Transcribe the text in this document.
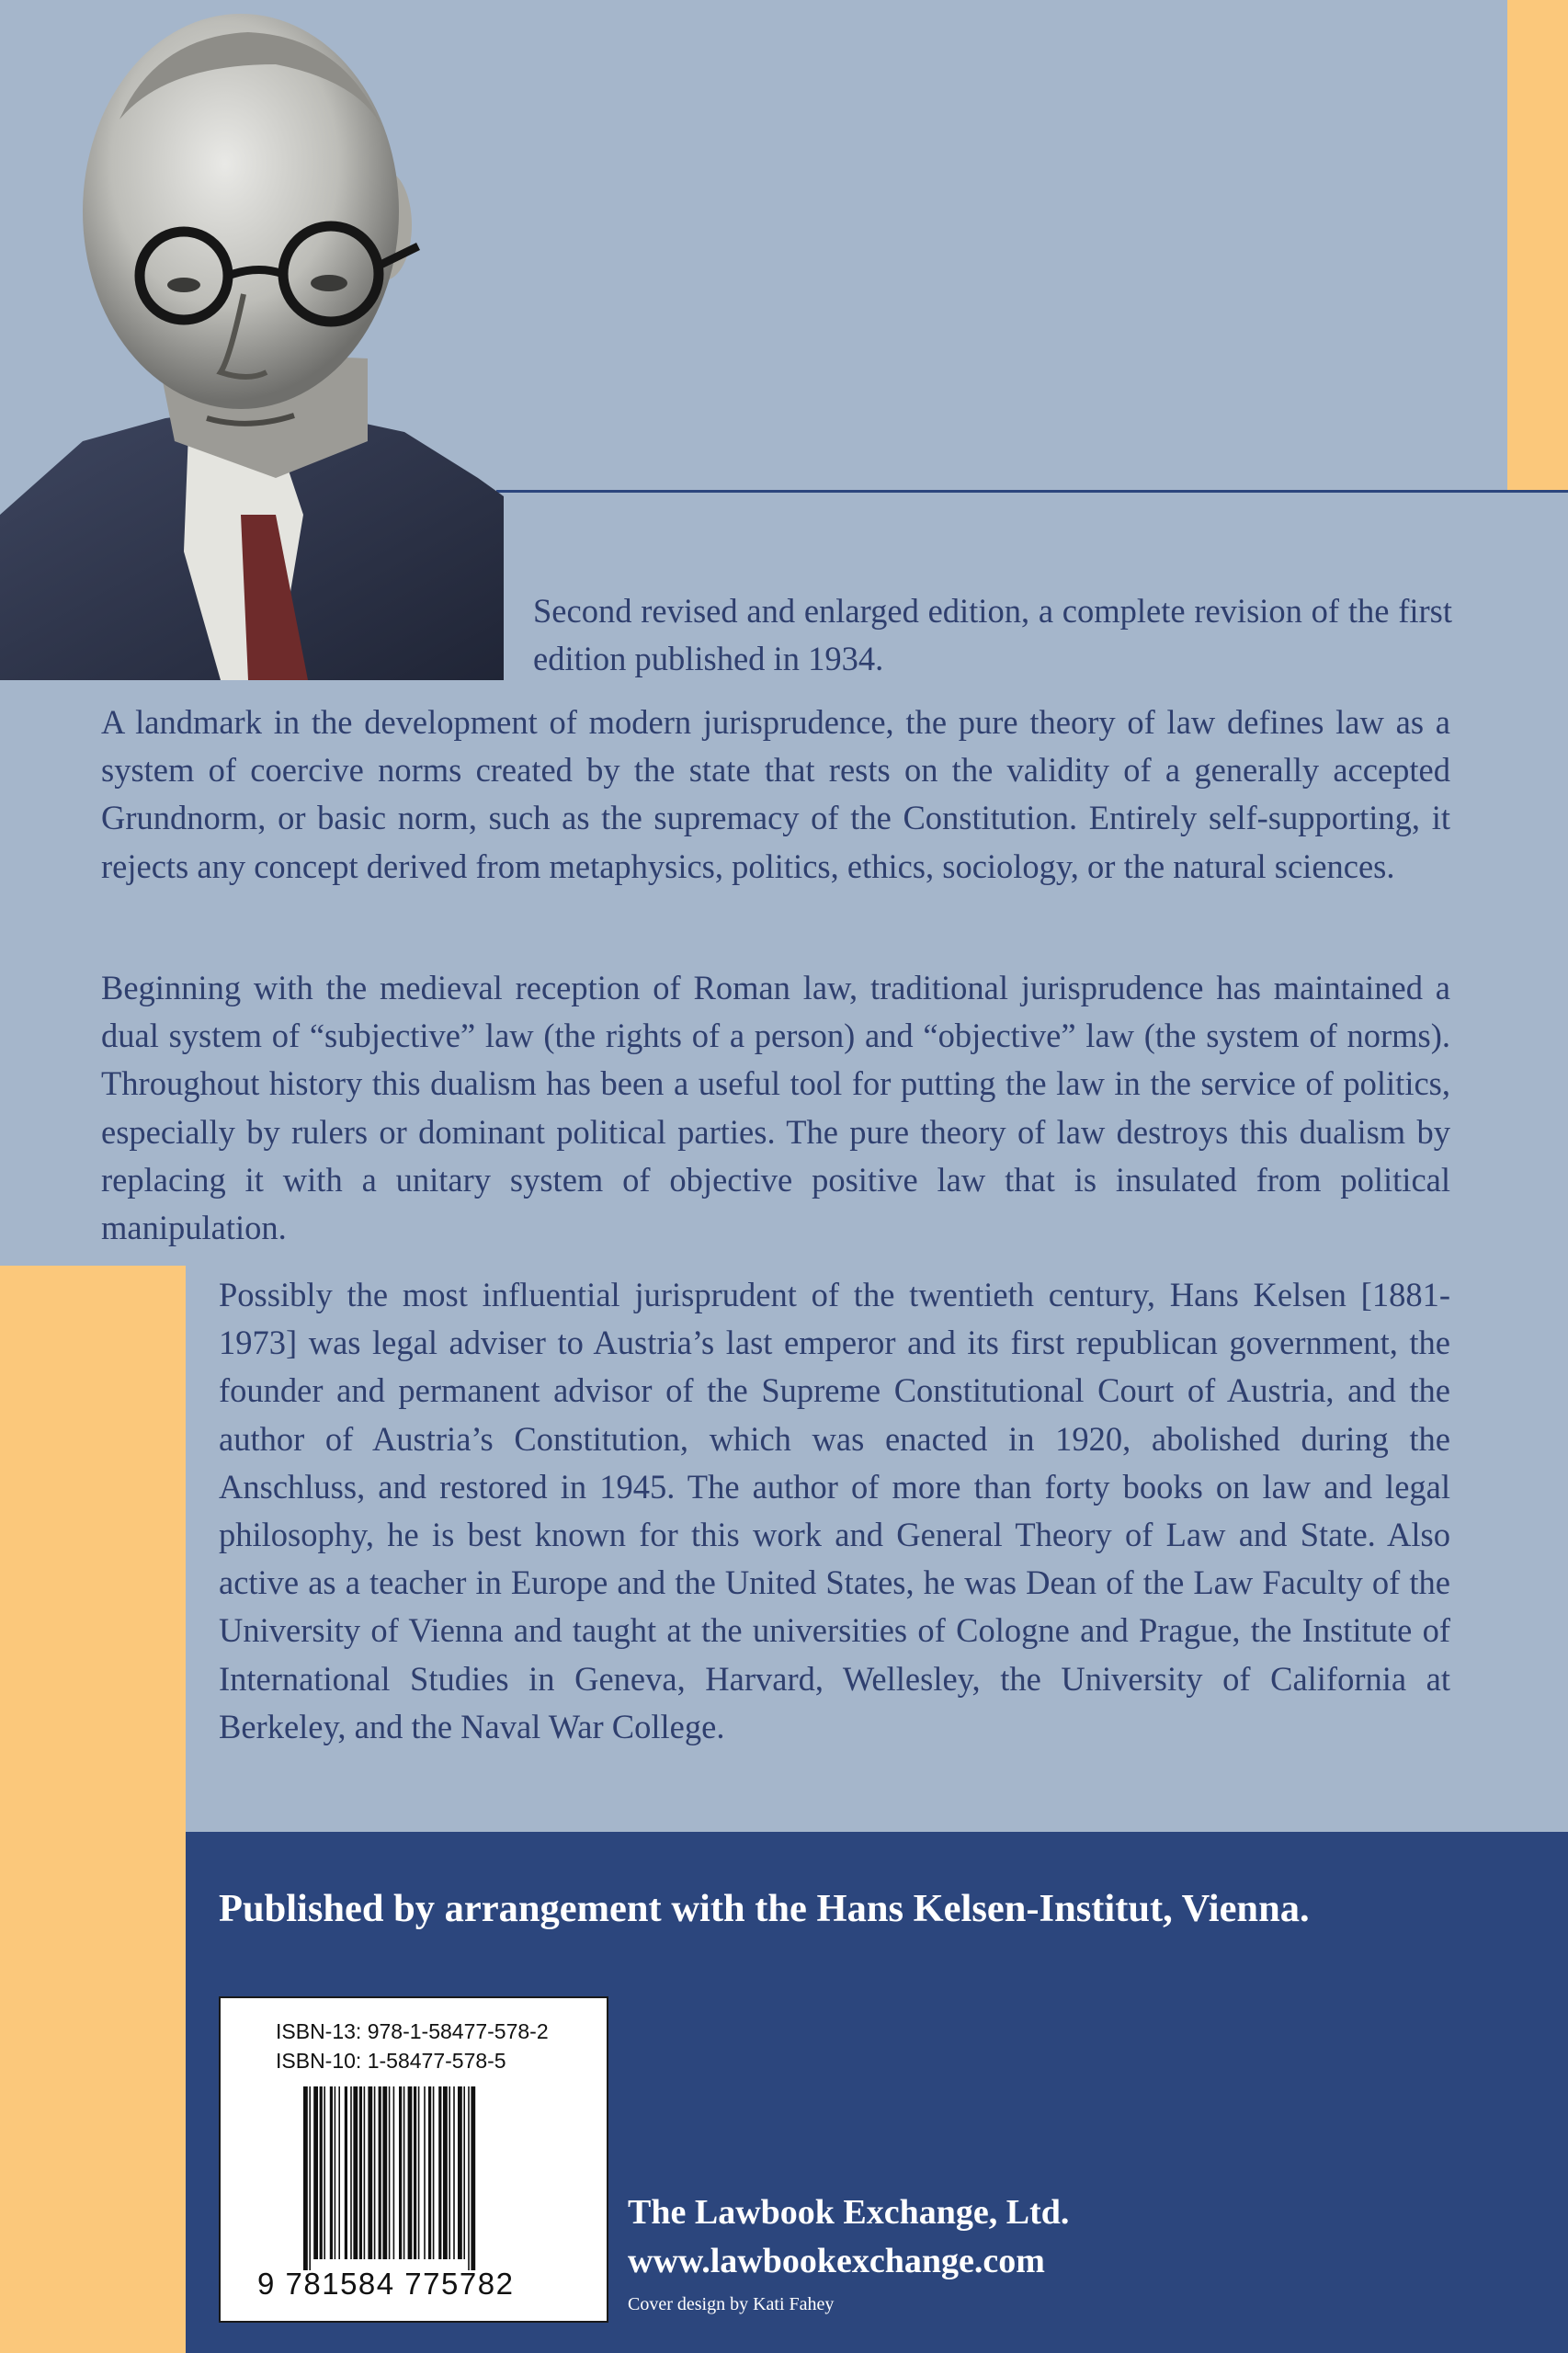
Second revised and enlarged edition, a complete revision of the first edition published in 1934.

A landmark in the development of modern jurisprudence, the pure theory of law defines law as a system of coercive norms created by the state that rests on the validity of a generally accepted Grundnorm, or basic norm, such as the supremacy of the Constitution. Entirely self-supporting, it rejects any concept derived from metaphysics, politics, ethics, sociology, or the natural sciences.

Beginning with the medieval reception of Roman law, traditional jurisprudence has maintained a dual system of “subjective” law (the rights of a person) and “objective” law (the system of norms). Throughout history this dualism has been a useful tool for putting the law in the service of politics, especially by rulers or dominant political parties. The pure theory of law destroys this dualism by replacing it with a unitary system of objective positive law that is insulated from political manipulation.

Possibly the most influential jurisprudent of the twentieth century, Hans Kelsen [1881-1973] was legal adviser to Austria’s last emperor and its first republican government, the founder and permanent advisor of the Supreme Constitutional Court of Austria, and the author of Austria’s Constitution, which was enacted in 1920, abolished during the Anschluss, and restored in 1945. The author of more than forty books on law and legal philosophy, he is best known for this work and General Theory of Law and State. Also active as a teacher in Europe and the United States, he was Dean of the Law Faculty of the University of Vienna and taught at the universities of Cologne and Prague, the Institute of International Studies in Geneva, Harvard, Wellesley, the University of California at Berkeley, and the Naval War College.

Published by arrangement with the Hans Kelsen-Institut, Vienna.
ISBN-13: 978-1-58477-578-2
ISBN-10: 1-58477-578-5
9 781584 775782
The Lawbook Exchange, Ltd.
www.lawbookexchange.com
Cover design by Kati Fahey
